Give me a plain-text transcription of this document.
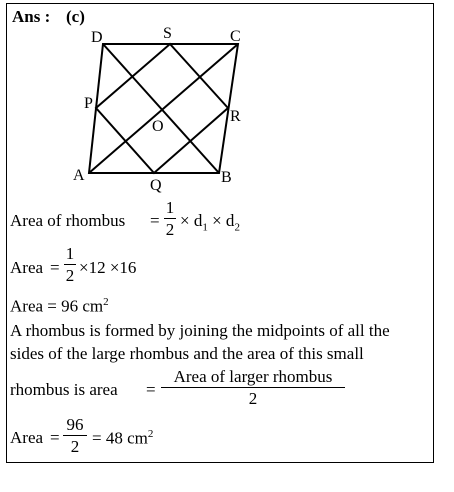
Ans : (c)
D	S	C
P
O
R
A
Q	B
Area of rhombus =
1
$2 \times d_1 \times d_2$
Area =
1
2 ×12 ×16
Area = 96 $cm^2$
A rhombus is formed by joining the midpoints of all the
sides of the large rhombus and the area of this small
rhombus is area =
Area of larger rhombus
2
Area =
96
2 = 48 $cm^2$
